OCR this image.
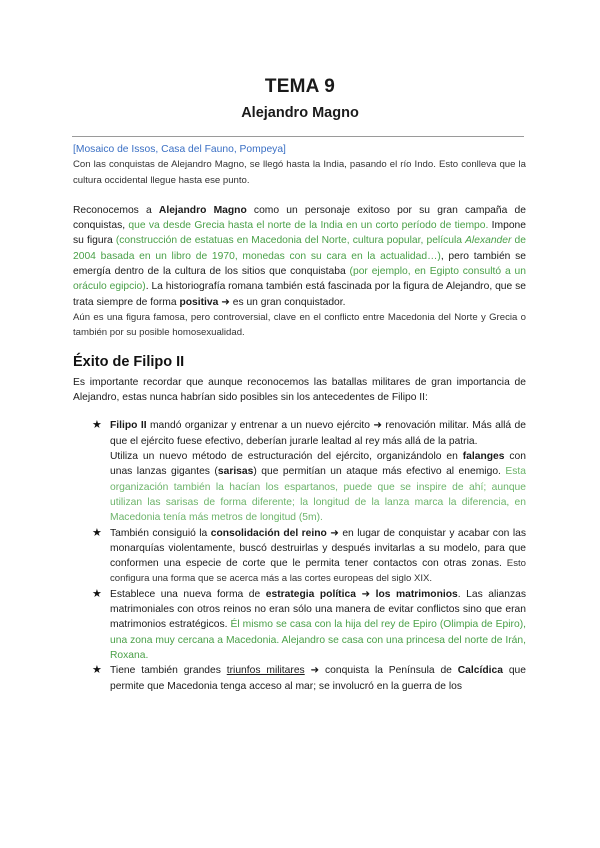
TEMA 9
Alejandro Magno

[Mosaico de Issos, Casa del Fauno, Pompeya]

Con las conquistas de Alejandro Magno, se llegó hasta la India, pasando el río Indo. Esto conlleva que la cultura occidental llegue hasta ese punto.

Reconocemos a Alejandro Magno como un personaje exitoso por su gran campaña de conquistas, que va desde Grecia hasta el norte de la India en un corto período de tiempo. Impone su figura (construcción de estatuas en Macedonia del Norte, cultura popular, película Alexander de 2004 basada en un libro de 1970, monedas con su cara en la actualidad…), pero también se emergía dentro de la cultura de los sitios que conquistaba (por ejemplo, en Egipto consultó a un oráculo egipcio). La historiografía romana también está fascinada por la figura de Alejandro, que se trata siempre de forma positiva ➜ es un gran conquistador.

Aún es una figura famosa, pero controversial, clave en el conflicto entre Macedonia del Norte y Grecia o también por su posible homosexualidad.

Éxito de Filipo II

Es importante recordar que aunque reconocemos las batallas militares de gran importancia de Alejandro, estas nunca habrían sido posibles sin los antecedentes de Filipo II:

★ Filipo II mandó organizar y entrenar a un nuevo ejército ➜ renovación militar. Más allá de que el ejército fuese efectivo, deberían jurarle lealtad al rey más allá de la patria.
Utiliza un nuevo método de estructuración del ejército, organizándolo en falanges con unas lanzas gigantes (sarisas) que permitían un ataque más efectivo al enemigo. Esta organización también la hacían los espartanos, puede que se inspire de ahí; aunque utilizan las sarisas de forma diferente; la longitud de la lanza marca la diferencia, en Macedonia tenía más metros de longitud (5m).
★ También consiguió la consolidación del reino ➜ en lugar de conquistar y acabar con las monarquías violentamente, buscó destruirlas y después invitarlas a su modelo, para que conformen una especie de corte que le permita tener contactos con otras zonas. Esto configura una forma que se acerca más a las cortes europeas del siglo XIX.
★ Establece una nueva forma de estrategia política ➜ los matrimonios. Las alianzas matrimoniales con otros reinos no eran sólo una manera de evitar conflictos sino que eran matrimonios estratégicos. Él mismo se casa con la hija del rey de Epiro (Olimpia de Epiro), una zona muy cercana a Macedonia. Alejandro se casa con una princesa del norte de Irán, Roxana.
★ Tiene también grandes triunfos militares ➜ conquista la Península de Calcídica que permite que Macedonia tenga acceso al mar; se involucró en la guerra de los
